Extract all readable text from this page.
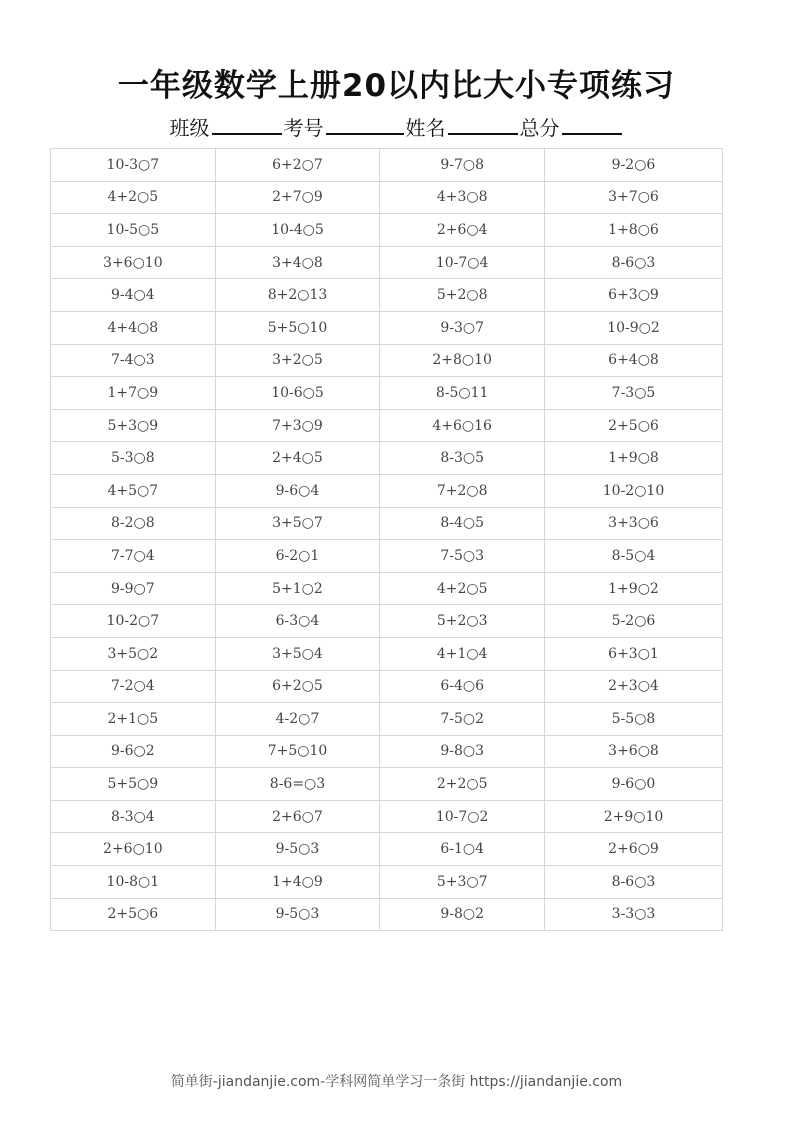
一年级数学上册20以内比大小专项练习
班级	考号	姓名	总分
10-3○7	6+2○7	9-7○8	9-2○6
4+2○5	2+7○9	4+3○8	3+7○6
10-5○5	10-4○5	2+6○4	1+8○6
3+6○10	3+4○8	10-7○4	8-6○3
9-4○4	8+2○13	5+2○8	6+3○9
4+4○8	5+5○10	9-3○7	10-9○2
7-4○3	3+2○5	2+8○10	6+4○8
1+7○9	10-6○5	8-5○11	7-3○5
5+3○9	7+3○9	4+6○16	2+5○6
5-3○8	2+4○5	8-3○5	1+9○8
4+5○7	9-6○4	7+2○8	10-2○10
8-2○8	3+5○7	8-4○5	3+3○6
7-7○4	6-2○1	7-5○3	8-5○4
9-9○7	5+1○2	4+2○5	1+9○2
10-2○7	6-3○4	5+2○3	5-2○6
3+5○2	3+5○4	4+1○4	6+3○1
7-2○4	6+2○5	6-4○6	2+3○4
2+1○5	4-2○7	7-5○2	5-5○8
9-6○2	7+5○10	9-8○3	3+6○8
5+5○9	8-6=○3	2+2○5	9-6○0
8-3○4	2+6○7	10-7○2	2+9○10
2+6○10	9-5○3	6-1○4	2+6○9
10-8○1	1+4○9	5+3○7	8-6○3
2+5○6	9-5○3	9-8○2	3-3○3
简单街-jiandanjie.com-学科网简单学习一条街 https://jiandanjie.com
